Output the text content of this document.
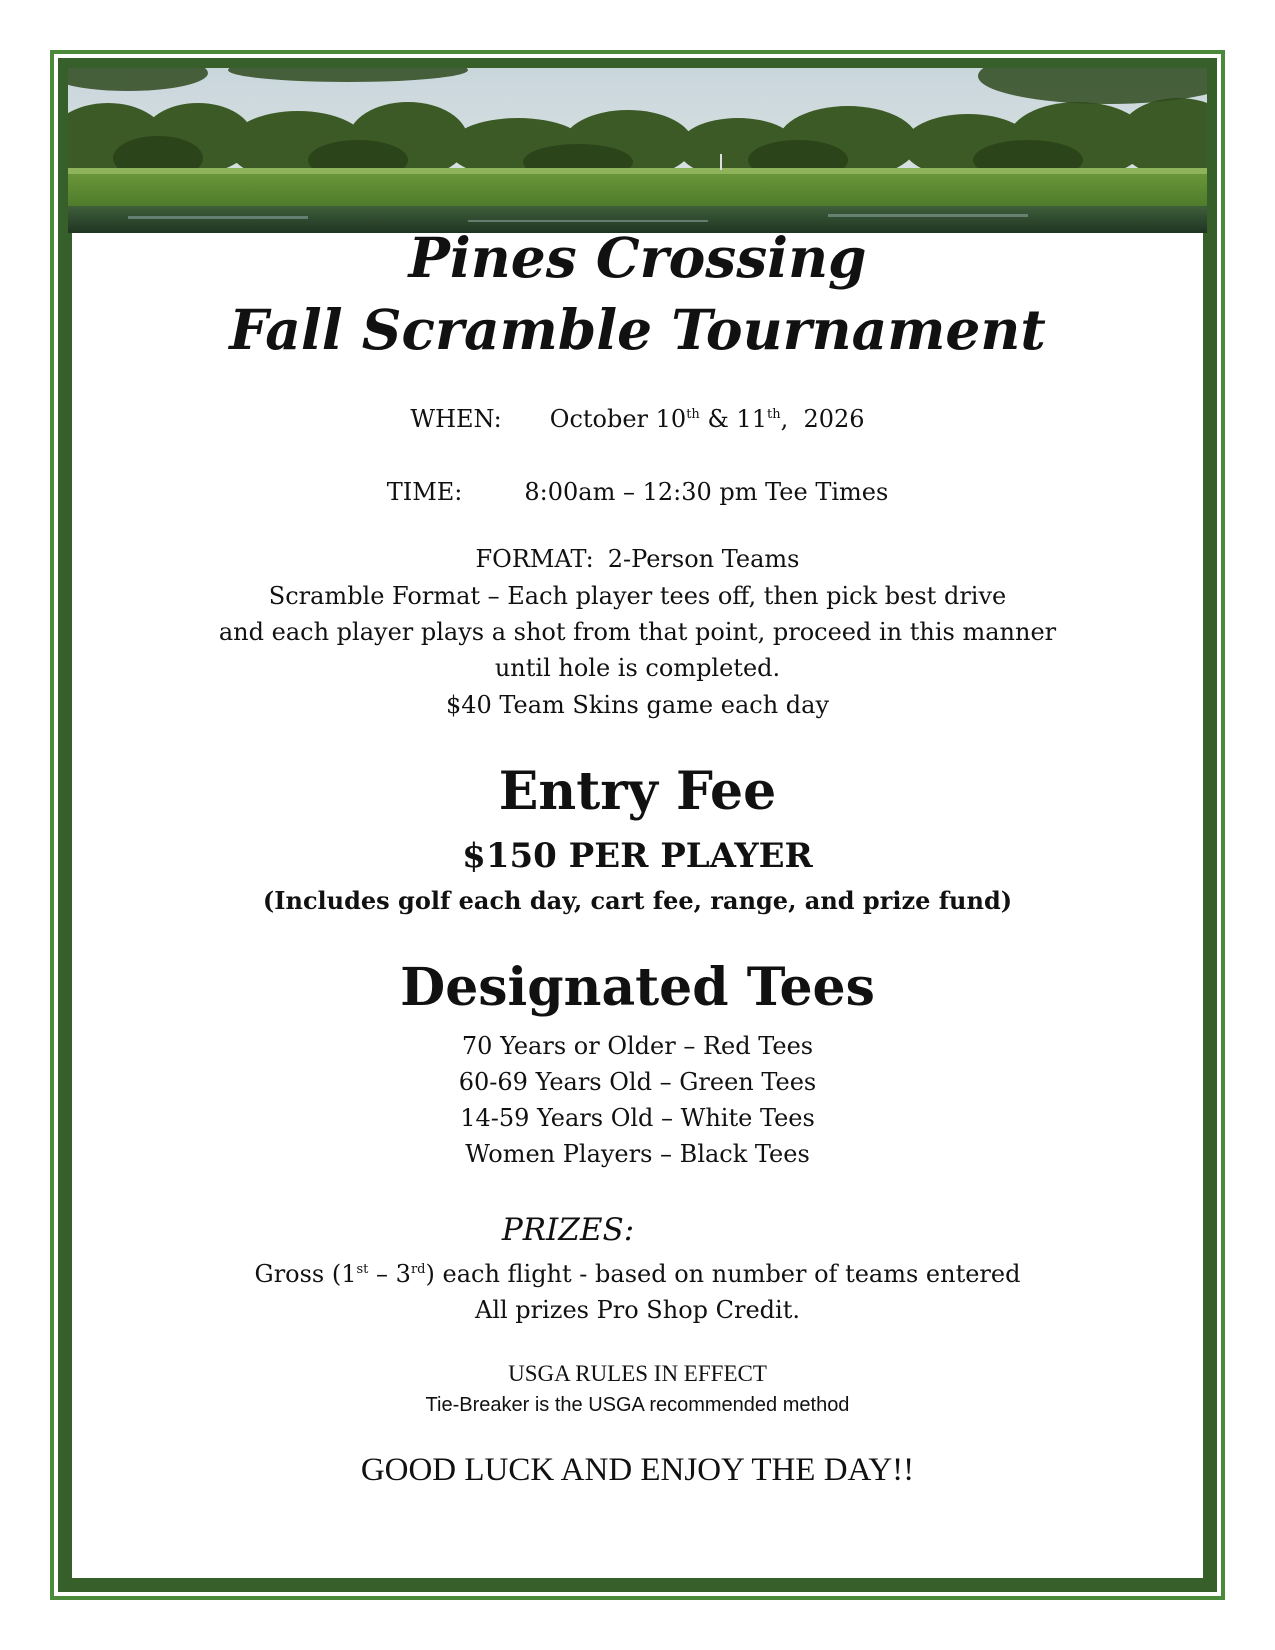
Pines Crossing
Fall Scramble Tournament
WHEN: October 10th & 11th,  2026
TIME:	8:00am – 12:30 pm Tee Times
FORMAT: 2-Person Teams
Scramble Format – Each player tees off, then pick best drive
and each player plays a shot from that point, proceed in this manner
until hole is completed.
$40 Team Skins game each day
Entry Fee
$150 PER PLAYER
(Includes golf each day, cart fee, range, and prize fund)
Designated Tees
70 Years or Older – Red Tees
60-69 Years Old – Green Tees
14-59 Years Old – White Tees
Women Players – Black Tees
PRIZES:
Gross (1st – 3rd) each flight - based on number of teams entered
All prizes Pro Shop Credit.
USGA RULES IN EFFECT
Tie-Breaker is the USGA recommended method
GOOD LUCK AND ENJOY THE DAY!!
